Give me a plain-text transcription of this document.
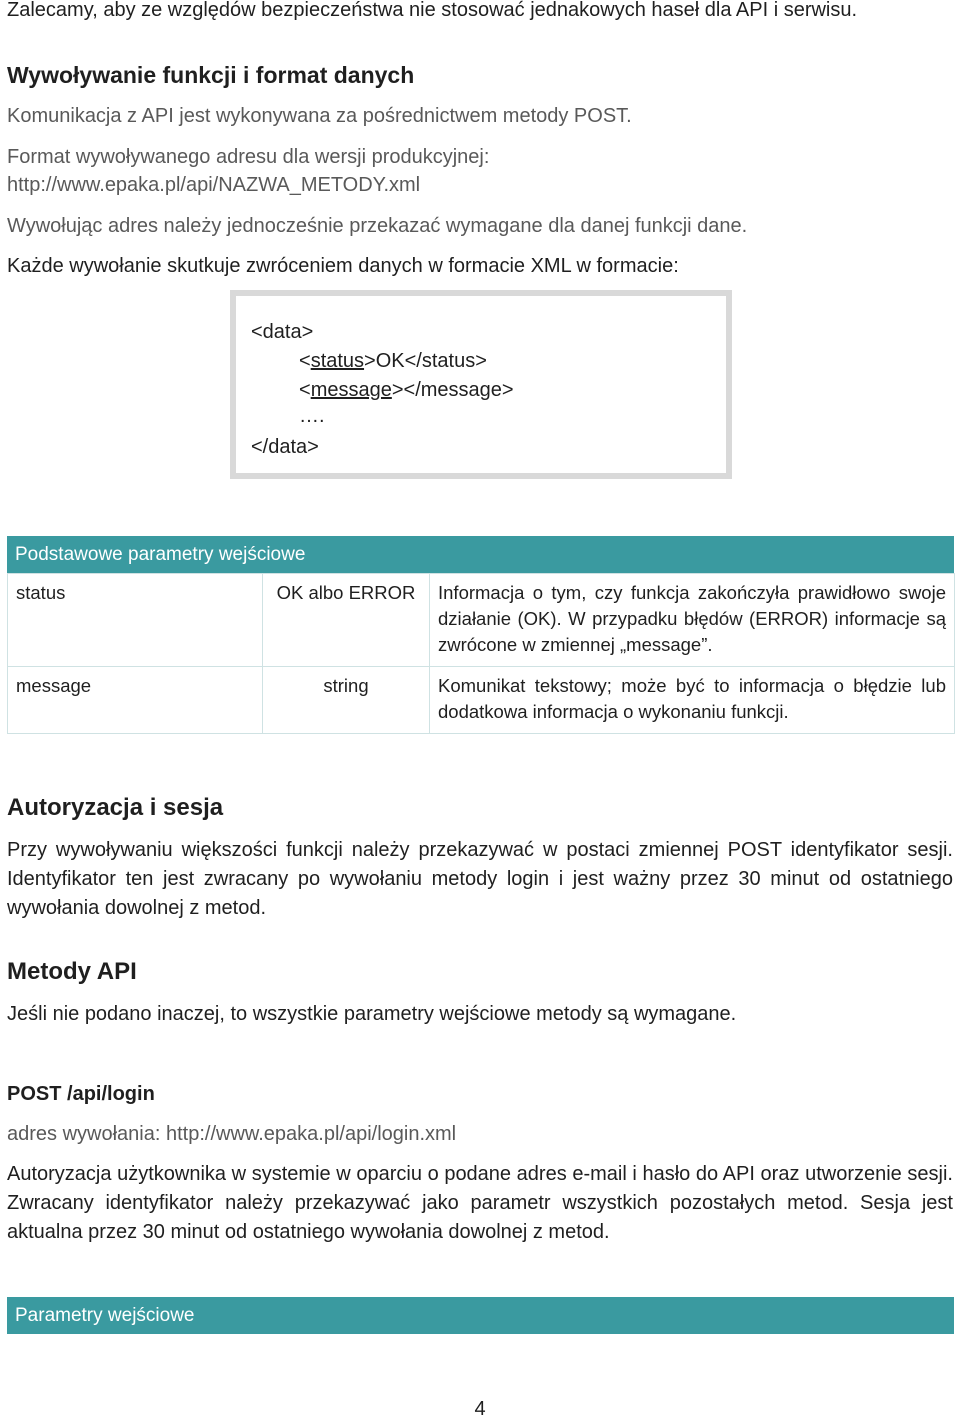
Zalecamy, aby ze względów bezpieczeństwa nie stosować jednakowych haseł dla API i serwisu.

Wywoływanie funkcji i format danych

Komunikacja z API jest wykonywana za pośrednictwem metody POST.

Format wywoływanego adresu dla wersji produkcyjnej:

http://www.epaka.pl/api/NAZWA_METODY.xml

Wywołując adres należy jednocześnie przekazać wymagane dla danej funkcji dane.

Każde wywołanie skutkuje zwróceniem danych w formacie XML w formacie:

<data>
<status>OK</status>
<message></message>
….
</data>
Podstawowe parametry wejściowe
status	OK albo ERROR	Informacja o tym, czy funkcja zakończyła prawidłowo swoje działanie (OK). W przypadku błędów (ERROR) informacje są zwrócone w zmiennej „message”.
message	string	Komunikat tekstowy; może być to informacja o błędzie lub dodatkowa informacja o wykonaniu funkcji.
Autoryzacja i sesja

Przy wywoływaniu większości funkcji należy przekazywać w postaci zmiennej POST identyfikator sesji. Identyfikator ten jest zwracany po wywołaniu metody login i jest ważny przez 30 minut od ostatniego wywołania dowolnej z metod.

Metody API

Jeśli nie podano inaczej, to wszystkie parametry wejściowe metody są wymagane.

POST /api/login

adres wywołania: http://www.epaka.pl/api/login.xml

Autoryzacja użytkownika w systemie w oparciu o podane adres e-mail i hasło do API oraz utworzenie sesji. Zwracany identyfikator należy przekazywać jako parametr wszystkich pozostałych metod. Sesja jest aktualna przez 30 minut od ostatniego wywołania dowolnej z metod.

Parametry wejściowe
4
